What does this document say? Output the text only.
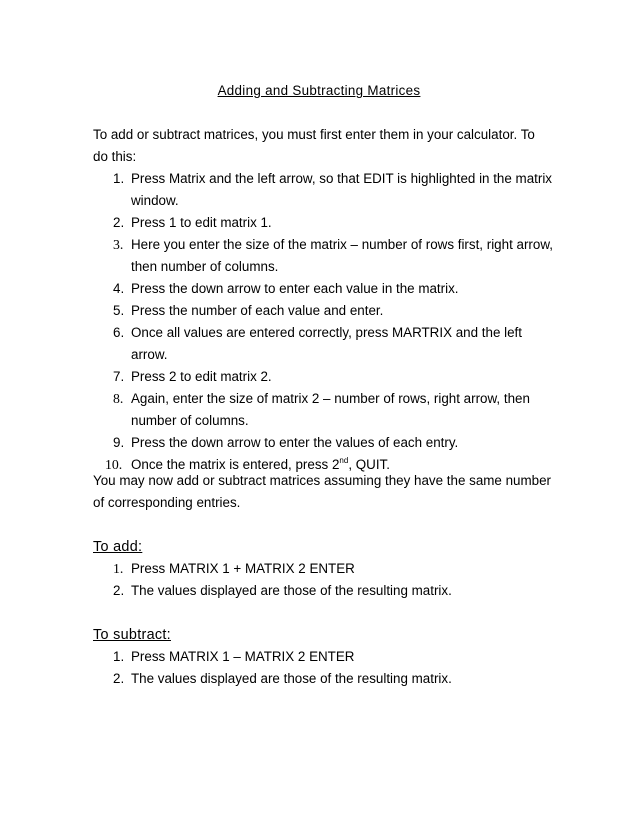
Adding and Subtracting Matrices
To add or subtract matrices, you must first enter them in your calculator. To do this:
1. Press Matrix and the left arrow, so that EDIT is highlighted in the matrix window.
2. Press 1 to edit matrix 1.
3. Here you enter the size of the matrix – number of rows first, right arrow, then number of columns.
4. Press the down arrow to enter each value in the matrix.
5. Press the number of each value and enter.
6. Once all values are entered correctly, press MARTRIX and the left arrow.
7. Press 2 to edit matrix 2.
8. Again, enter the size of matrix 2 – number of rows, right arrow, then number of columns.
9. Press the down arrow to enter the values of each entry.
10. Once the matrix is entered, press 2nd, QUIT.
You may now add or subtract matrices assuming they have the same number of corresponding entries.
To add:
1. Press MATRIX 1 + MATRIX 2 ENTER
2. The values displayed are those of the resulting matrix.
To subtract:
1. Press MATRIX 1 – MATRIX 2 ENTER
2. The values displayed are those of the resulting matrix.
